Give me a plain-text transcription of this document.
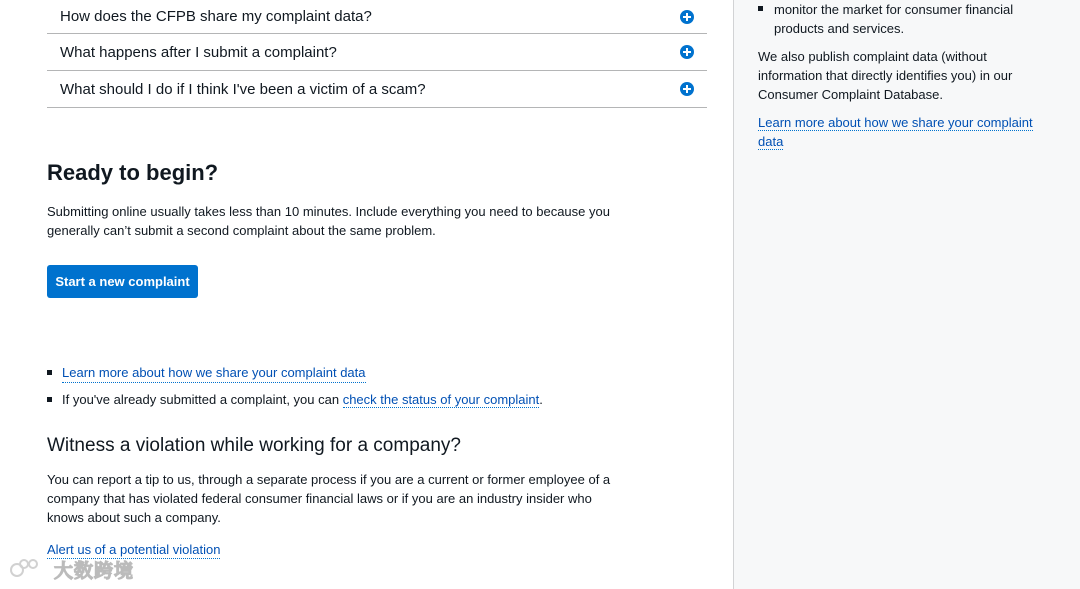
How does the CFPB share my complaint data?
What happens after I submit a complaint?
What should I do if I think I've been a victim of a scam?
Ready to begin?

Submitting online usually takes less than 10 minutes. Include everything you need to because you generally can’t submit a second complaint about the same problem.

Start a new complaint
Learn more about how we share your complaint data
If you've already submitted a complaint, you can check the status of your complaint.
Witness a violation while working for a company?

You can report a tip to us, through a separate process if you are a current or former employee of a company that has violated federal consumer financial laws or if you are an industry insider who knows about such a company.

Alert us of a potential violation
大数跨境
monitor the market for consumer financial products and services.

We also publish complaint data (without information that directly identifies you) in our Consumer Complaint Database.

Learn more about how we share your complaint data
